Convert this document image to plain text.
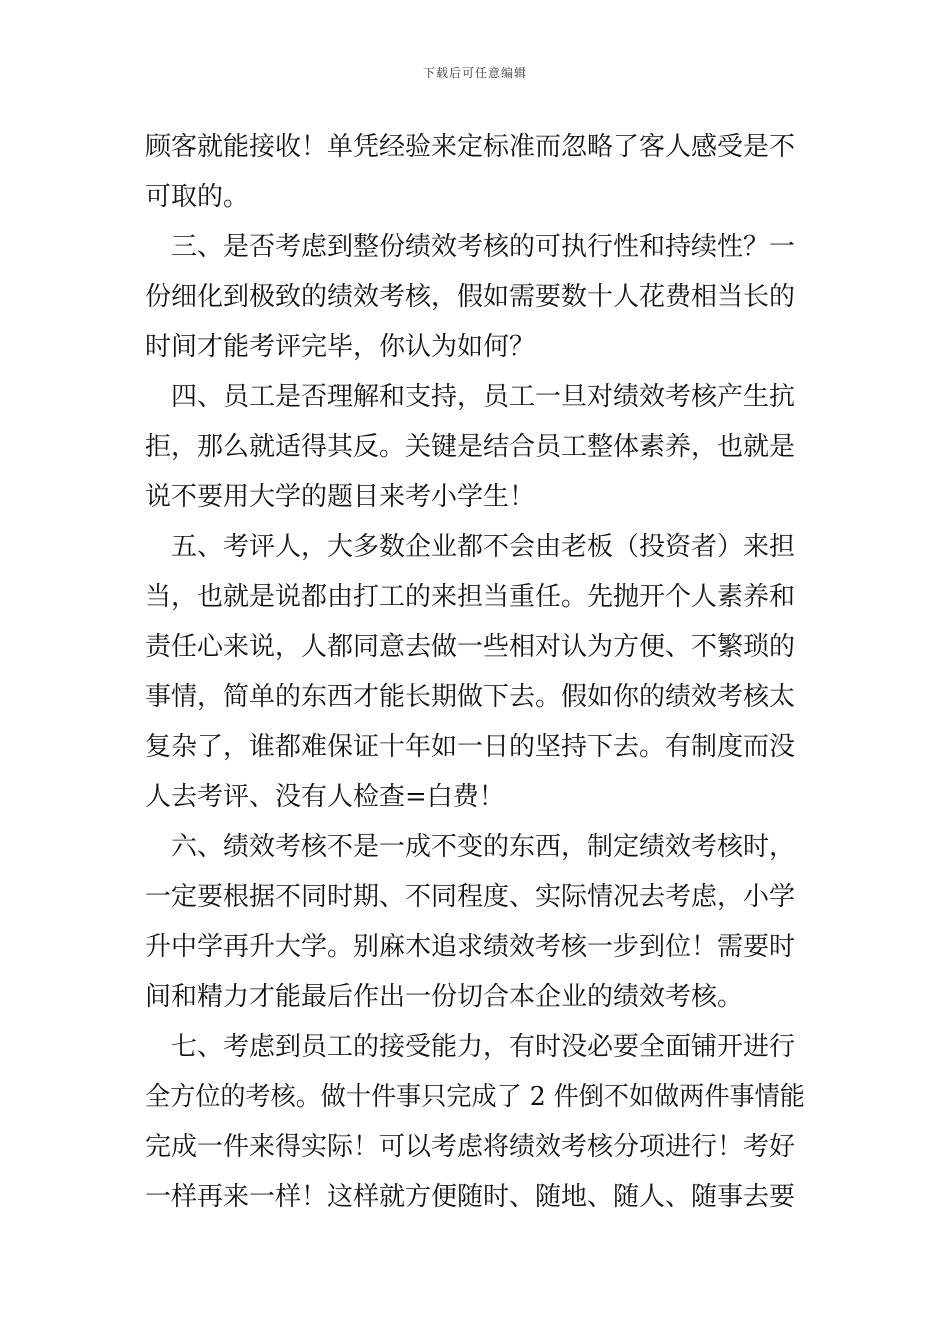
下载后可任意编辑
顾客就能接收！单凭经验来定标准而忽略了客人感受是不
可取的。
　三、是否考虑到整份绩效考核的可执行性和持续性？一
份细化到极致的绩效考核，假如需要数十人花费相当长的
时间才能考评完毕，你认为如何？
　四、员工是否理解和支持，员工一旦对绩效考核产生抗
拒，那么就适得其反。关键是结合员工整体素养，也就是
说不要用大学的题目来考小学生！
　五、考评人，大多数企业都不会由老板（投资者）来担
当，也就是说都由打工的来担当重任。先抛开个人素养和
责任心来说，人都同意去做一些相对认为方便、不繁琐的
事情，简单的东西才能长期做下去。假如你的绩效考核太
复杂了，谁都难保证十年如一日的坚持下去。有制度而没
人去考评、没有人检查=白费！
　六、绩效考核不是一成不变的东西，制定绩效考核时，
一定要根据不同时期、不同程度、实际情况去考虑，小学
升中学再升大学。别麻木追求绩效考核一步到位！需要时
间和精力才能最后作出一份切合本企业的绩效考核。
　七、考虑到员工的接受能力，有时没必要全面铺开进行
全方位的考核。做十件事只完成了 2 件倒不如做两件事情能
完成一件来得实际！可以考虑将绩效考核分项进行！考好
一样再来一样！这样就方便随时、随地、随人、随事去要
